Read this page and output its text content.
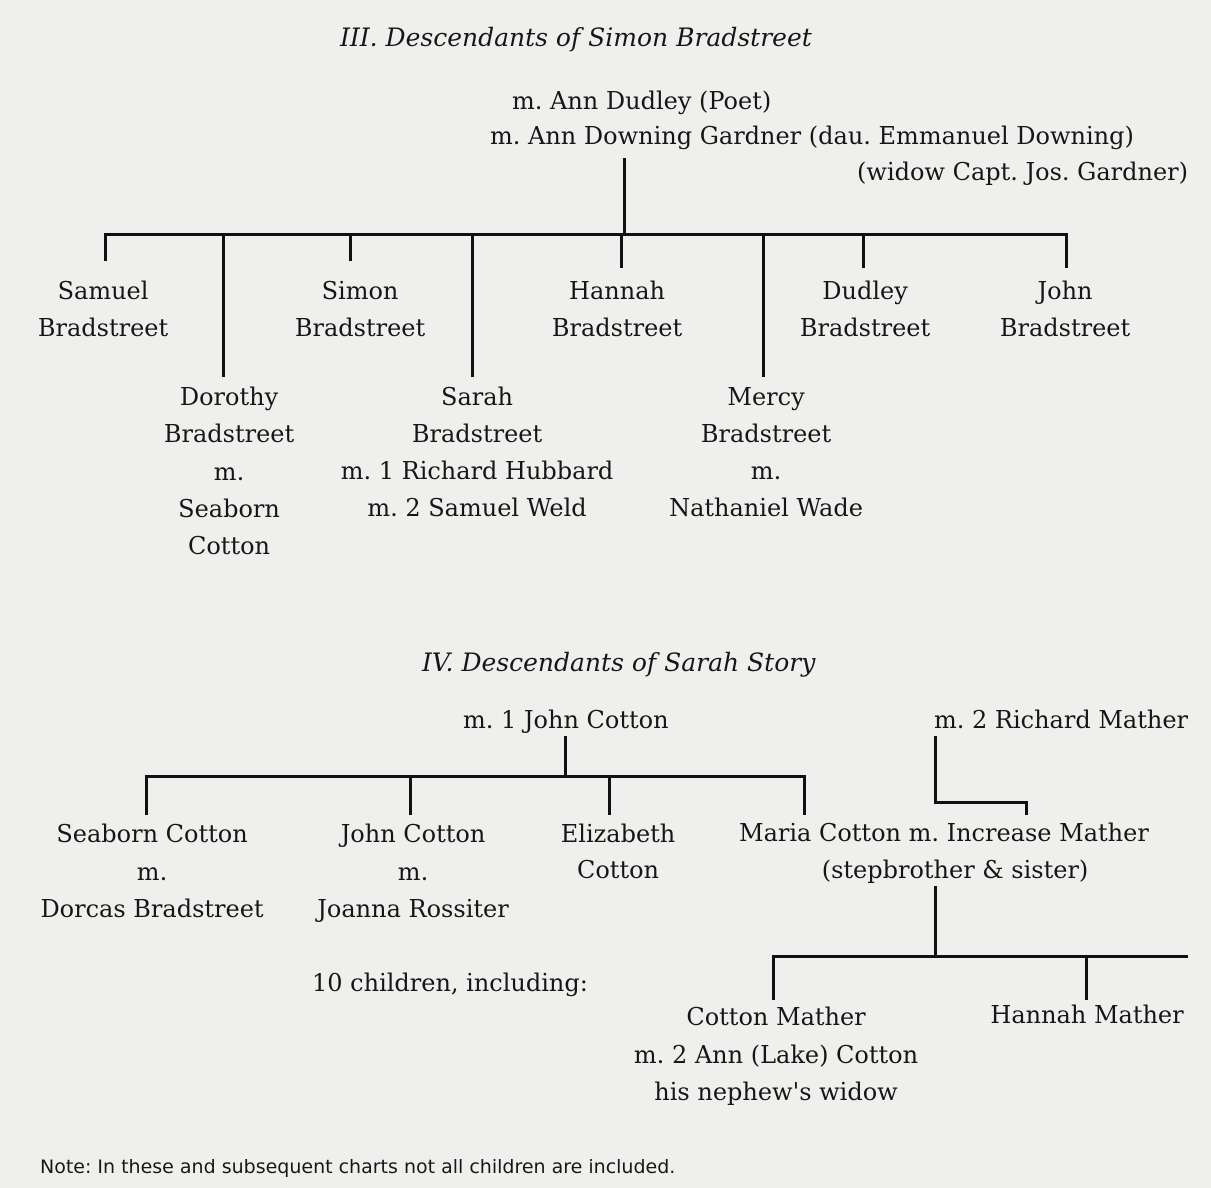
III. Descendants of Simon Bradstreet

m. Ann Dudley (Poet)

m. Ann Downing Gardner (dau. Emmanuel Downing)

(widow Capt. Jos. Gardner)

Samuel

Bradstreet

Simon

Bradstreet

Hannah

Bradstreet

Dudley

Bradstreet

John

Bradstreet

Dorothy

Bradstreet

m.

Seaborn

Cotton

Sarah

Bradstreet

m. 1 Richard Hubbard

m. 2 Samuel Weld

Mercy

Bradstreet

m.

Nathaniel Wade

IV. Descendants of Sarah Story

m. 1 John Cotton	m. 2 Richard Mather

Seaborn Cotton

m.

Dorcas Bradstreet

John Cotton

m.

Joanna Rossiter

Elizabeth

Cotton

Maria Cotton m. Increase Mather

(stepbrother & sister)

10 children, including:

Cotton Mather

m. 2 Ann (Lake) Cotton

his nephew's widow

Hannah Mather

Note: In these and subsequent charts not all children are included.
